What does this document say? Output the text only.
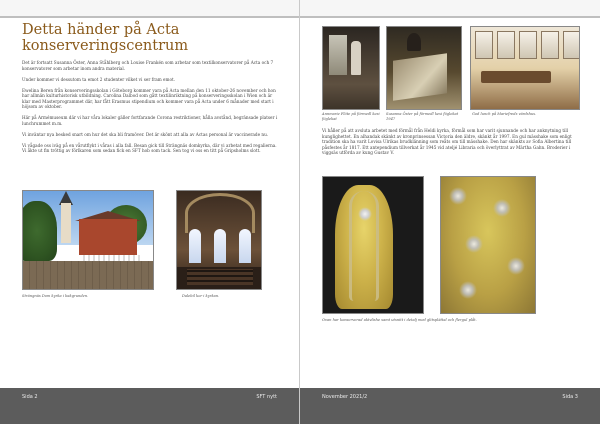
Detta händer på Acta
konserveringscentrum

Det är fortsatt Susanna Öster, Anna Ståhlberg och Louise Frankén som arbetar som textilkonservatorer på Acta och 7 konservatorer som arbetar inom andra material.

Under kommer vi dessutom ta emot 2 studenter vilket vi ser fram emot.

Ewelina Beren från konserveringsskolan i Göteborg kommer vara på Acta mellan den 11 oktober-26 november och hon har allmän kulturhistorisk utbildning. Carolina Dalbod som gått textilinriktning på konserveringsskolan i Wien och är klar med Masterprogrammet där, har fått Erasmus stipendium och kommer vara på Acta under 6 månader med start i höjsom av oktober.

Här på Armémuseum där vi har våra lokaler gäller fortfarande Corona restriktioner, hålla avstånd, begränsade platser i lunchrummet m.m.

Vi inväntar nya besked snart om hur det ska bli framöver. Det är skönt att alla av Actas personal är vaccinerade nu.

Vi vågade oss iväg på en vårutflykt i våras i alla fall. Besan gick till Strängnäs domkyrka, där vi arbetat med regalierna. Vi åkte ut fin tröttig av förlkaren som sedan fick en SFT hob som tack. Sen tog vi oss en titt på Gripsholms slott.

Strängnäs Dom kyrka i bakgrunden.	Dalebil kor i kyrkan.
Sida 2	SFT nytt
Annmarie Flöte på förmedl kesi föglekat
Susanna Öster på förmedl kesi föglekat 1947
God lunch på Mariefreds värdshus.

Vi håller på att avsluta arbetet med förmål från Heldi kyrka, förmål som har varit sjunnande och har anknytning till kunglighettet. En alhandak skänkt av kronprinsessan Victoria den äldre, skänkt år 1997. En gul mässhake som enligt tradition ska ha varit Lovisa Ulrikas brudklänning som reåts om till mässhake. Den har skänkts av Sofia Albertina till påsfestes år 1817. Ett antependium tillverkat år 1945 vid ateljé Libraria och överlyttrat av Märtha Gahn. Broderier i viggsäs utförda av kung Gustav V.

Ovan har konserverad aktvlishe samt utsnitt i detalj med glitsplättal och flergul plåt.
November 2021/2	Sida 3
